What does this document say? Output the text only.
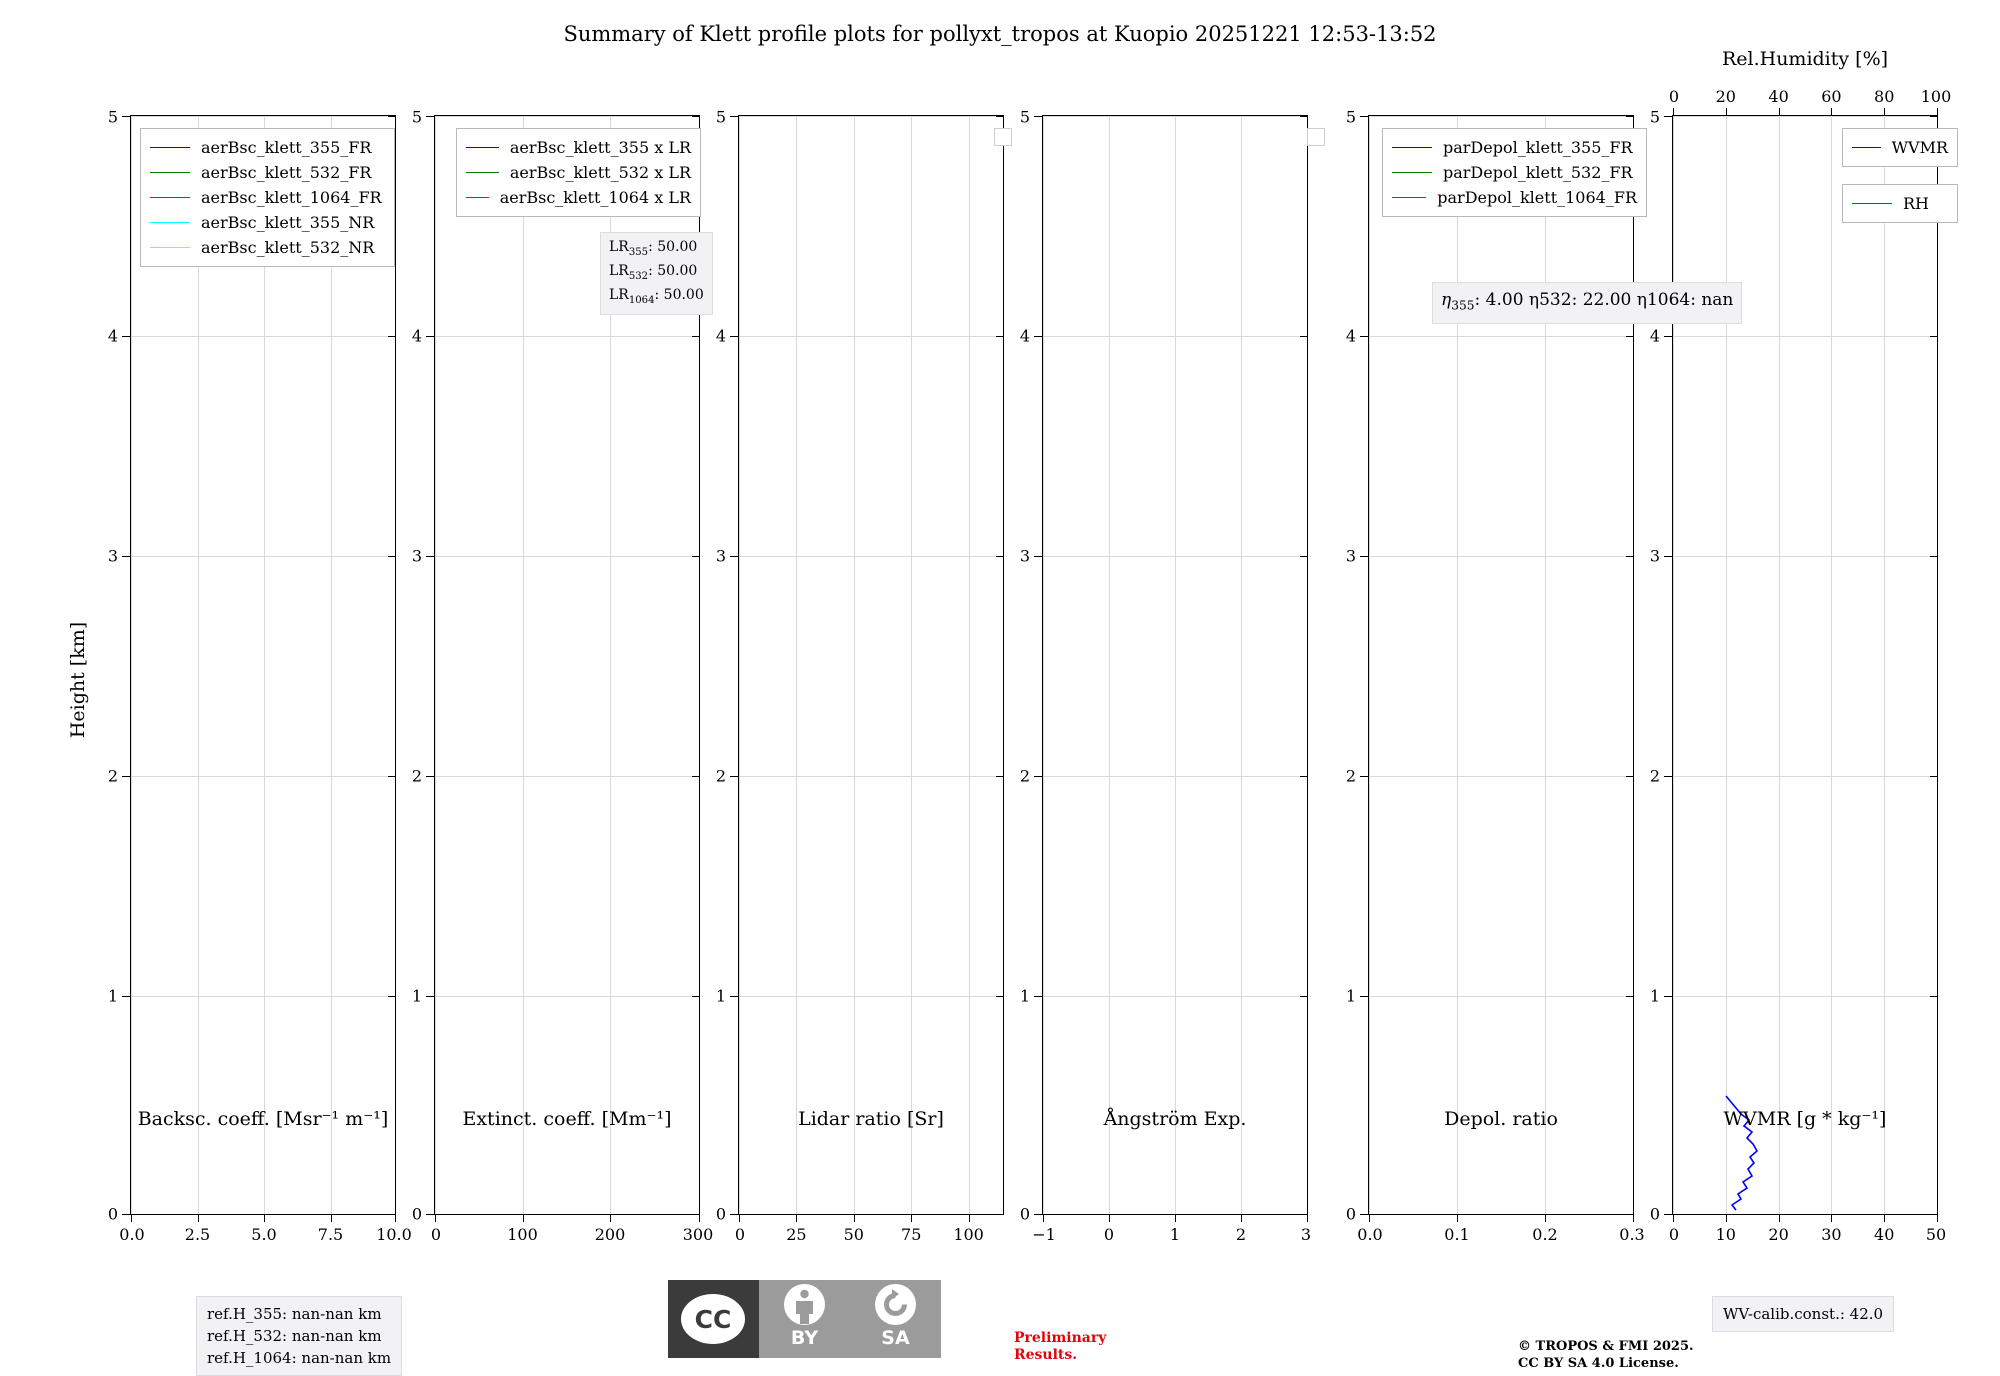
Summary of Klett profile plots for pollyxt_tropos at Kuopio 20251221 12:53-13:52
Height [km]
0
1
2
3
4
5
0.0	2.5	5.0	7.5 10.0
Backsc. coeff. [Msr⁻¹ m⁻¹]
aerBsc_klett_355_FR
aerBsc_klett_532_FR
aerBsc_klett_1064_FR
aerBsc_klett_355_NR
aerBsc_klett_532_NR
0
1
2
3
4
5
0	100	200	300
Extinct. coeff. [Mm⁻¹]
aerBsc_klett_355 x LR
aerBsc_klett_532 x LR
aerBsc_klett_1064 x LR
$LR_{355}$: 50.00
$LR_{532}$: 50.00
$LR_{1064}$: 50.00
0
1
2
3
4
5
0	25 50 75 100
Lidar ratio [Sr]
0
1
2
3
4
5
−1	0	1	2	3
Ångström Exp.
0
1
2
3
4
5
0.0	0.1	0.2	0.3
Depol. ratio
parDepol_klett_355_FR
parDepol_klett_532_FR
parDepol_klett_1064_FR
$\eta_{355}$: 4.00 η532: 22.00 η1064: nan
0
1
2
3
4
5
0 10 20 30 40 50
0 20 40 60 80 100
WVMR [g * kg⁻¹]
Rel.Humidity [%]
WVMR
RH
ref.H_355: nan-nan km
ref.H_532: nan-nan km
ref.H_1064: nan-nan km
WV-calib.const.: 42.0
CC
BY	SA	Preliminary
Results.
© TROPOS & FMI 2025.
CC BY SA 4.0 License.
